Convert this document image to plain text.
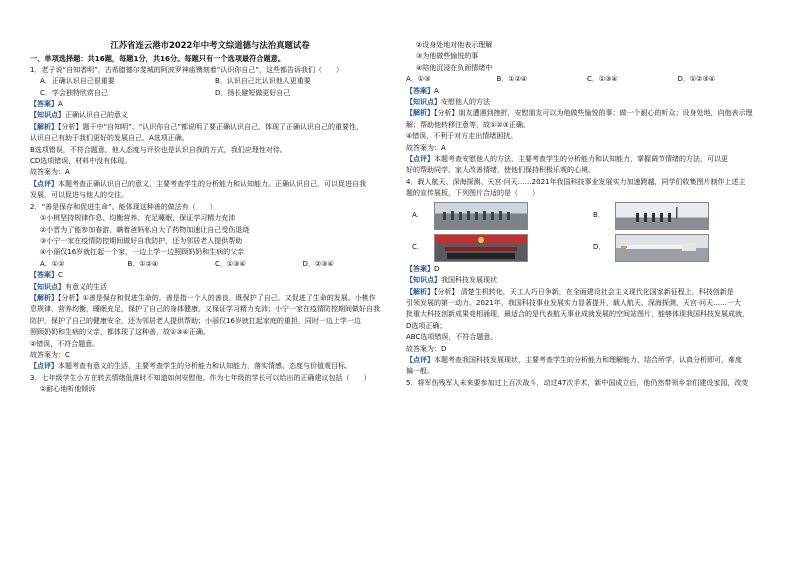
江苏省连云港市2022年中考文综道德与法治真题试卷
一、单项选择题：共16题，每题1分，共16分。每题只有一个选项最符合题意。
1．老子说“自知者明”，古希腊德尔斐城的阿波罗神庙镌刻着“认识你自己”，这些都告诉我们（　　）
A．正确认识自己很重要	B．认识自己比认识他人更重要
C．学会独特欣赏自己	D．扬长避短做更好自己
【答案】A
【知识点】正确认识自己的意义
【解析】【分析】题干中“自知明”、“认识你自己”都说明了要正确认识自己，体现了正确认识自己的重要性，
认识自己有助于我们更好的发展自己，A选项正确。
B选项错误，不符合题意，他人态度与评价也是认识自我的方式，我们应理性对待。
CD选项错误，材料中没有体现。
故答案为：A
【点评】本题考查正确认识自己的意义，主要考查学生的分析能力和认知能力。正确认识自己，可以促进自我
发展，可以促进与他人的交往。
2．“善是保存和促进生命”。能体现这种善的做法有（　　）
①小桃坚持规律作息、均衡营养、充足睡眠，保证学习精力充沛
②小晋为了能参加春游，瞒着爸妈私自大了药物加速让自己受伤退烧
③小宁一家在疫情防控期间做好自我防护，还为邻居老人提供帮助
④小丽仅16岁就扛起一个家，一边上学一边照顾奶奶和生病的父亲
A．①②	B．①②④	C．①③④	D．②③④
【答案】C
【知识点】有意义的生活
【解析】【分析】①善是保存和促进生命的，善是指一个人的善良，既保护了自己，又促进了生命的发展。小桃作
息规律，营养均衡，睡眠充足，保护了自己的身体健康，又保证学习精力充沛；小宁一家在疫情防控期间做好自我
防护，保护了自己的健康安全，还为邻居老人提供帮助；小丽仅16岁就扛起家庭的重担，同时一边上学一边
照顾奶奶和生病的父亲，都体现了这种善，故①③④正确。
②错误，不符合题意。
故答案为：C
【点评】本题考查有意义的生活，主要考查学生的分析能力和认知能力，落实情感、态度与价值观目标。
3．七年级学生小方在转去情绪低落时不知道如何安慰他。作为七年级的学长可以给出的正确建议包括（　　）
①耐心地听他倾诉
②设身处地对他表示理解
③为他做些愉悦的事
④陪他沉浸在负面情绪中
A．①③	B．①②④	C．①③④	D．①②③④
【答案】A
【知识点】安慰他人的方法
【解析】【分析】朋友遭遇到挫折，安慰朋友可以为他做些愉悦的事；做一个耐心的听众；设身处地，向他表示理
解；帮助他转移注意等，故①②③正确。
④错误，不利于对方走出情绪困扰。
故答案为：A
【点评】本题考查安慰他人的方法，主要考查学生的分析能力和认知能力，掌握调节情绪的方法，可以更
好的帮助同学、家人改善情绪，使他们保持积极乐观的心境。
4．载人航天、深海探测、天宫·问天……2021年我国科技事业发展实力加速跨越，同学们收集图片制作上述主
题的宣传展板，下列图片合适的是（　　）
A．	B．
C．	D．
【答案】D
【知识点】我国科技发展现状
【解析】【分析】 清楚生机转化，天工人巧日争新，在全面建设社会主义现代化国家新征程上，科技创新是
引领发展的第一动力。2021年，我国科技事业发展实力显著提升，载人航天、深海探测，天宫·问天……一大
批重大科技创新成果竞相涌现，最适合的是代表航天事业成就发展的空间站图片，能够体现我国科技发展成就，
D选项正确；
ABC选项错误，不符合题意。
故答案为：D
【点评】本题考查我国科技发展现状，主要考查学生的分析能力和理解能力，结合所学，认真分析即可，难度
偏一般。
5．将军伤残军人未来要参加过上百次战斗，动过47次手术，新中国成立后，他仍然带领乡亲们建设家园，改变
